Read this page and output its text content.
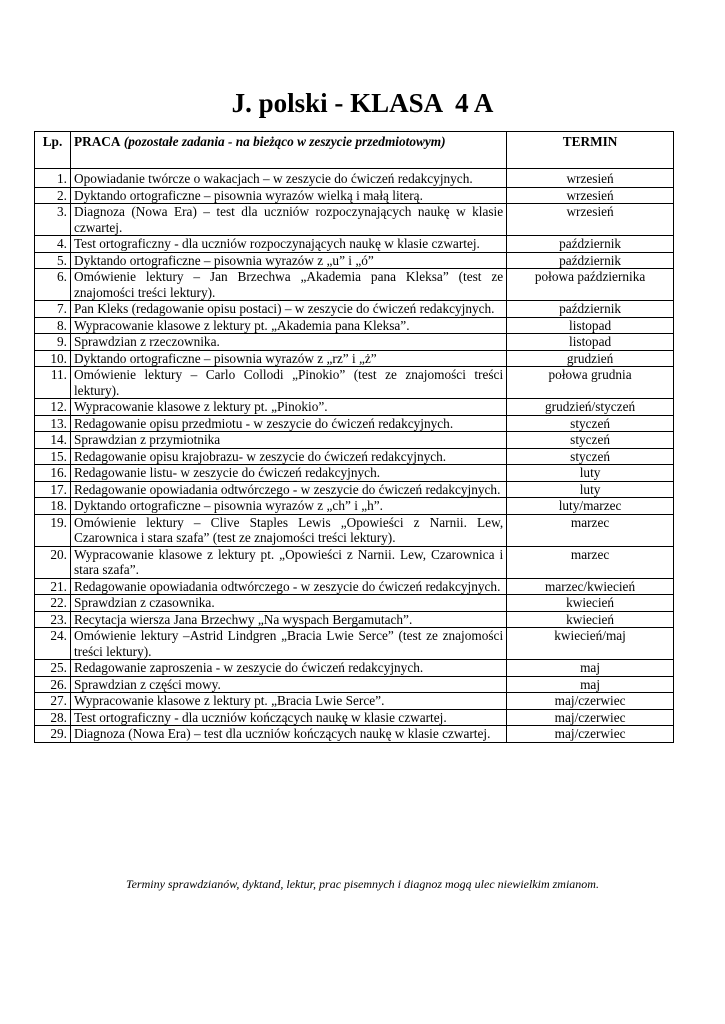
J. polski - KLASA  4 A
Lp.	PRACA (pozostałe zadania - na bieżąco w zeszycie przedmiotowym)	TERMIN
1.	Opowiadanie twórcze o wakacjach – w zeszycie do ćwiczeń redakcyjnych.	wrzesień
2.	Dyktando ortograficzne – pisownia wyrazów wielką i małą literą.	wrzesień
3.	Diagnoza (Nowa Era) – test dla uczniów rozpoczynających naukę w klasie czwartej.	wrzesień
4.	Test ortograficzny - dla uczniów rozpoczynających naukę w klasie czwartej.	październik
5.	Dyktando ortograficzne – pisownia wyrazów z „u” i „ó”	październik
6.	Omówienie lektury – Jan Brzechwa „Akademia pana Kleksa” (test ze znajomości treści lektury).	połowa października
7.	Pan Kleks (redagowanie opisu postaci) – w zeszycie do ćwiczeń redakcyjnych.	październik
8.	Wypracowanie klasowe z lektury pt. „Akademia pana Kleksa”.	listopad
9.	Sprawdzian z rzeczownika.	listopad
10.	Dyktando ortograficzne – pisownia wyrazów z „rz” i „ż”	grudzień
11.	Omówienie lektury – Carlo Collodi „Pinokio” (test ze znajomości treści lektury).	połowa grudnia
12.	Wypracowanie klasowe z lektury pt. „Pinokio”.	grudzień/styczeń
13.	Redagowanie opisu przedmiotu - w zeszycie do ćwiczeń redakcyjnych.	styczeń
14.	Sprawdzian z przymiotnika	styczeń
15.	Redagowanie opisu krajobrazu- w zeszycie do ćwiczeń redakcyjnych.	styczeń
16.	Redagowanie listu- w zeszycie do ćwiczeń redakcyjnych.	luty
17.	Redagowanie opowiadania odtwórczego - w zeszycie do ćwiczeń redakcyjnych.	luty
18.	Dyktando ortograficzne – pisownia wyrazów z „ch” i „h”.	luty/marzec
19.	Omówienie lektury – Clive Staples Lewis „Opowieści z Narnii. Lew, Czarownica i stara szafa” (test ze znajomości treści lektury).	marzec
20.	Wypracowanie klasowe z lektury pt. „Opowieści z Narnii. Lew, Czarownica i stara szafa”.	marzec
21.	Redagowanie opowiadania odtwórczego - w zeszycie do ćwiczeń redakcyjnych.	marzec/kwiecień
22.	Sprawdzian z czasownika.	kwiecień
23.	Recytacja wiersza Jana Brzechwy „Na wyspach Bergamutach”.	kwiecień
24.	Omówienie lektury –Astrid Lindgren „Bracia Lwie Serce” (test ze znajomości treści lektury).	kwiecień/maj
25.	Redagowanie zaproszenia - w zeszycie do ćwiczeń redakcyjnych.	maj
26.	Sprawdzian z części mowy.	maj
27.	Wypracowanie klasowe z lektury pt. „Bracia Lwie Serce”.	maj/czerwiec
28.	Test ortograficzny - dla uczniów kończących naukę w klasie czwartej.	maj/czerwiec
29.	Diagnoza (Nowa Era) – test dla uczniów kończących naukę w klasie czwartej.	maj/czerwiec
Terminy sprawdzianów, dyktand, lektur, prac pisemnych i diagnoz mogą ulec niewielkim zmianom.
